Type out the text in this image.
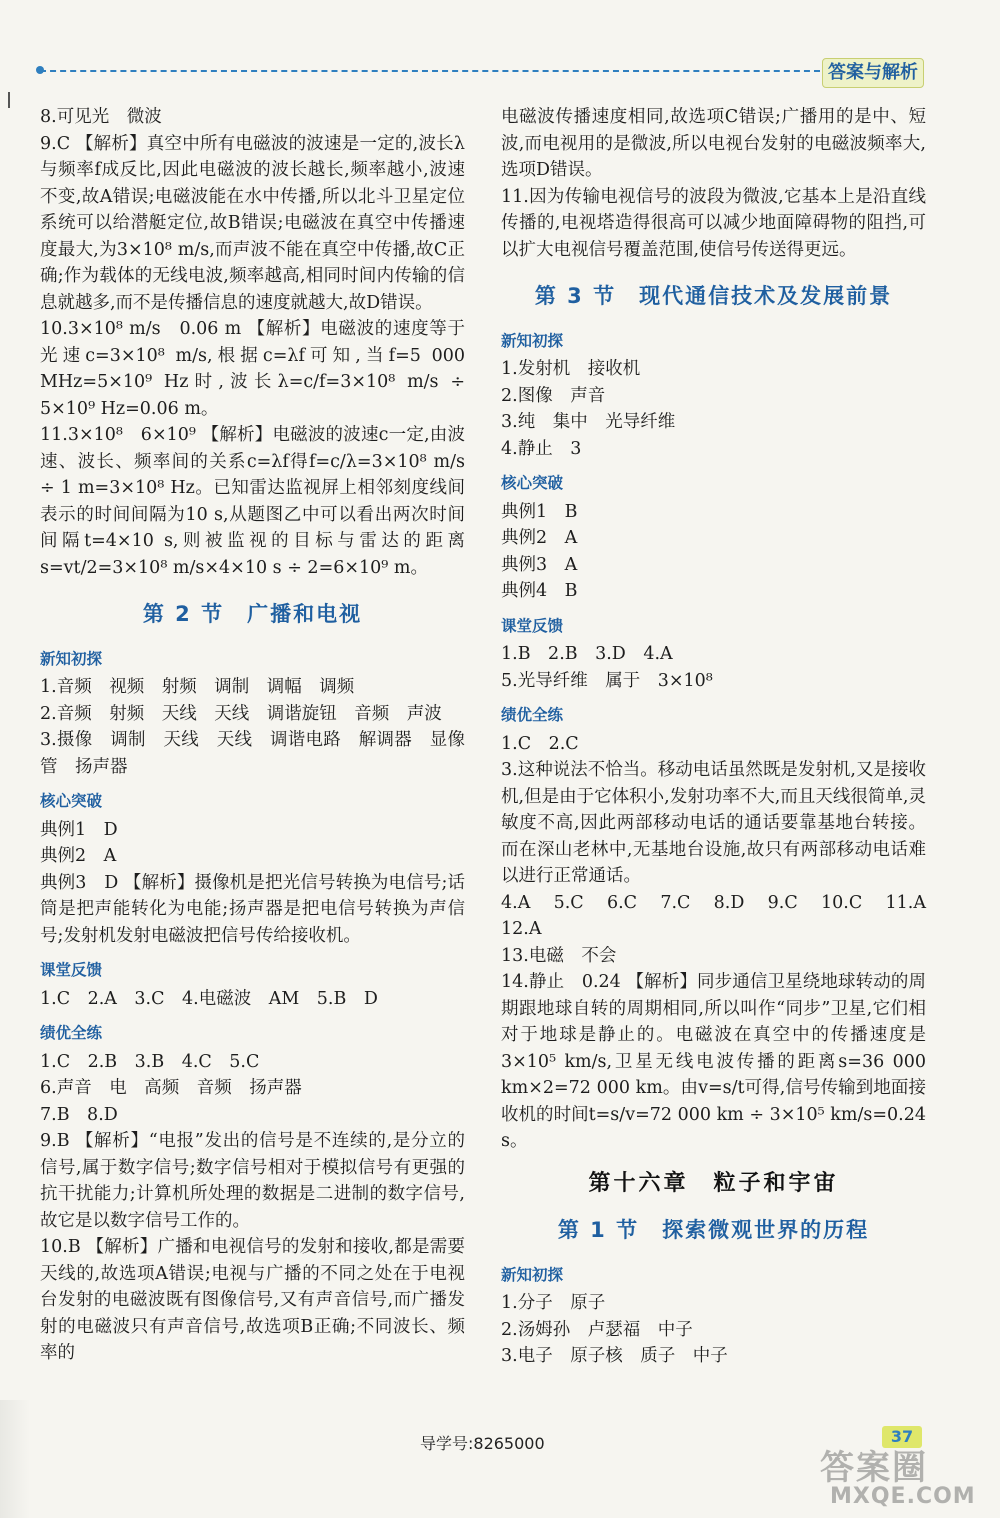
答案与解析
8.可见光　微波
9.C 【解析】真空中所有电磁波的波速是一定的,波长λ与频率f成反比,因此电磁波的波长越长,频率越小,波速不变,故A错误;电磁波能在水中传播,所以北斗卫星定位系统可以给潜艇定位,故B错误;电磁波在真空中传播速度最大,为3×10⁸ m/s,而声波不能在真空中传播,故C正确;作为载体的无线电波,频率越高,相同时间内传输的信息就越多,而不是传播信息的速度就越大,故D错误。
10.3×10⁸ m/s　0.06 m 【解析】电磁波的速度等于光速c=3×10⁸ m/s,根据c=λf可知,当f=5 000 MHz=5×10⁹ Hz时,波长λ=c/f=3×10⁸ m/s ÷ 5×10⁹ Hz=0.06 m。
11.3×10⁸　6×10⁹ 【解析】电磁波的波速c一定,由波速、波长、频率间的关系c=λf得f=c/λ=3×10⁸ m/s ÷ 1 m=3×10⁸ Hz。已知雷达监视屏上相邻刻度线间表示的时间间隔为10 s,从题图乙中可以看出两次时间间隔t=4×10 s,则被监视的目标与雷达的距离s=vt/2=3×10⁸ m/s×4×10 s ÷ 2=6×10⁹ m。
第 2 节　广播和电视
新知初探
1.音频　视频　射频　调制　调幅　调频
2.音频　射频　天线　天线　调谐旋钮　音频　声波
3.摄像　调制　天线　天线　调谐电路　解调器　显像管　扬声器
核心突破
典例1　D
典例2　A
典例3　D 【解析】摄像机是把光信号转换为电信号;话筒是把声能转化为电能;扬声器是把电信号转换为声信号;发射机发射电磁波把信号传给接收机。
课堂反馈
1.C　2.A　3.C　4.电磁波　AM　5.B　D
绩优全练
1.C　2.B　3.B　4.C　5.C
6.声音　电　高频　音频　扬声器
7.B　8.D
9.B 【解析】“电报”发出的信号是不连续的,是分立的信号,属于数字信号;数字信号相对于模拟信号有更强的抗干扰能力;计算机所处理的数据是二进制的数字信号,故它是以数字信号工作的。
10.B 【解析】广播和电视信号的发射和接收,都是需要天线的,故选项A错误;电视与广播的不同之处在于电视台发射的电磁波既有图像信号,又有声音信号,而广播发射的电磁波只有声音信号,故选项B正确;不同波长、频率的
电磁波传播速度相同,故选项C错误;广播用的是中、短波,而电视用的是微波,所以电视台发射的电磁波频率大,选项D错误。
11.因为传输电视信号的波段为微波,它基本上是沿直线传播的,电视塔造得很高可以减少地面障碍物的阻挡,可以扩大电视信号覆盖范围,使信号传送得更远。
第 3 节　现代通信技术及发展前景
新知初探
1.发射机　接收机
2.图像　声音
3.纯　集中　光导纤维
4.静止　3
核心突破
典例1　B
典例2　A
典例3　A
典例4　B
课堂反馈
1.B　2.B　3.D　4.A
5.光导纤维　属于　3×10⁸
绩优全练
1.C　2.C
3.这种说法不恰当。移动电话虽然既是发射机,又是接收机,但是由于它体积小,发射功率不大,而且天线很简单,灵敏度不高,因此两部移动电话的通话要靠基地台转接。而在深山老林中,无基地台设施,故只有两部移动电话难以进行正常通话。
4.A　5.C　6.C　7.C　8.D　9.C　10.C　11.A　12.A
13.电磁　不会
14.静止　0.24 【解析】同步通信卫星绕地球转动的周期跟地球自转的周期相同,所以叫作“同步”卫星,它们相对于地球是静止的。电磁波在真空中的传播速度是3×10⁵ km/s,卫星无线电波传播的距离s=36 000 km×2=72 000 km。由v=s/t可得,信号传输到地面接收机的时间t=s/v=72 000 km ÷ 3×10⁵ km/s=0.24 s。
第十六章　粒子和宇宙
第 1 节　探索微观世界的历程
新知初探
1.分子　原子
2.汤姆孙　卢瑟福　中子
3.电子　原子核　质子　中子
导学号:8265000	37
答案圈
MXQE.COM
